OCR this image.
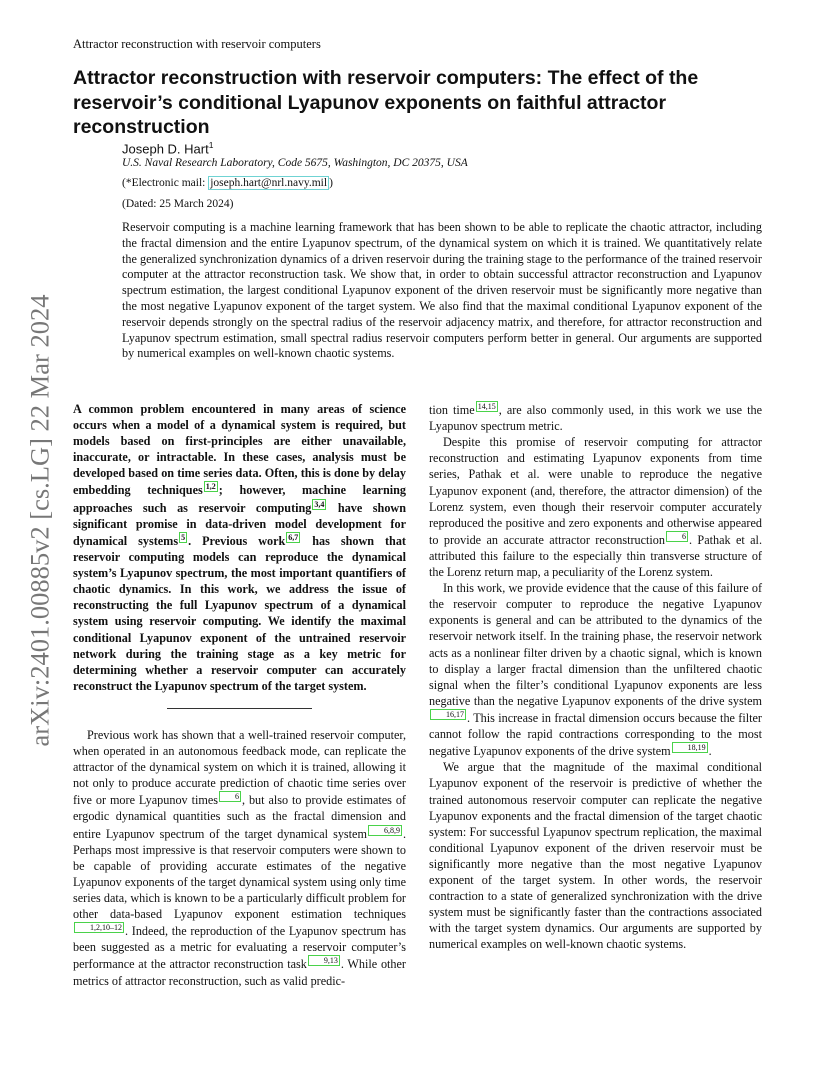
Attractor reconstruction with reservoir computers
Attractor reconstruction with reservoir computers: The effect of the reservoir’s conditional Lyapunov exponents on faithful attractor reconstruction
Joseph D. Hart$^1$
U.S. Naval Research Laboratory, Code 5675, Washington, DC 20375, USA
(*Electronic mail: joseph.hart@nrl.navy.mil )
(Dated: 25 March 2024)

Reservoir computing is a machine learning framework that has been shown to be able to replicate the chaotic attractor, including the fractal dimension and the entire Lyapunov spectrum, of the dynamical system on which it is trained. We quantitatively relate the generalized synchronization dynamics of a driven reservoir during the training stage to the performance of the trained reservoir computer at the attractor reconstruction task. We show that, in order to obtain successful attractor reconstruction and Lyapunov spectrum estimation, the largest conditional Lyapunov exponent of the driven reservoir must be significantly more negative than the most negative Lyapunov exponent of the target system. We also find that the maximal conditional Lyapunov exponent of the reservoir depends strongly on the spectral radius of the reservoir adjacency matrix, and therefore, for attractor reconstruction and Lyapunov spectrum estimation, small spectral radius reservoir computers perform better in general. Our arguments are supported by numerical examples on well-known chaotic systems.

arXiv:2401.00885v2 [cs.LG] 22 Mar 2024 A common problem encountered in many areas of science occurs when a model of a dynamical system is required, but models based on first-principles are either unavailable, inaccurate, or intractable. In these cases, analysis must be developed based on time series data. Often, this is done by delay embedding techniques 1,2 ; however, machine learning approaches such as reservoir computing 3,4 have shown significant promise in data-driven model development for dynamical systems 5 . Previous work 6,7 has shown that reservoir computing models can reproduce the dynamical system’s Lyapunov spectrum, the most important quantifiers of chaotic dynamics. In this work, we address the issue of reconstructing the full Lyapunov spectrum of a dynamical system using reservoir computing. We identify the maximal conditional Lyapunov exponent of the untrained reservoir network during the training stage as a key metric for determining whether a reservoir computer can accurately reconstruct the Lyapunov spectrum of the target system.

Previous work has shown that a well-trained reservoir computer, when operated in an autonomous feedback mode, can replicate the attractor of the dynamical system on which it is trained, allowing it not only to produce accurate prediction of chaotic time series over five or more Lyapunov times 6 , but also to provide estimates of ergodic dynamical quantities such as the fractal dimension and entire Lyapunov spectrum of the target dynamical system 6,8,9 . Perhaps most impressive is that reservoir computers were shown to be capable of providing accurate estimates of the negative Lyapunov exponents of the target dynamical system using only time series data, which is known to be a particularly difficult problem for other data-based Lyapunov exponent estimation techniques1,2,10–12 . Indeed, the reproduction of the Lyapunov spectrum has been suggested as a metric for evaluating a reservoir computer’s performance at the attractor reconstruction task 9,13 . While other metrics of attractor reconstruction, such as valid predic-

tion time 14,15 , are also commonly used, in this work we use the Lyapunov spectrum metric.

Despite this promise of reservoir computing for attractor reconstruction and estimating Lyapunov exponents from time series, Pathak et al. were unable to reproduce the negative Lyapunov exponent (and, therefore, the attractor dimension) of the Lorenz system, even though their reservoir computer accurately reproduced the positive and zero exponents and otherwise appeared to provide an accurate attractor reconstruction 6 . Pathak et al. attributed this failure to the especially thin transverse structure of the Lorenz return map, a peculiarity of the Lorenz system.

In this work, we provide evidence that the cause of this failure of the reservoir computer to reproduce the negative Lyapunov exponents is general and can be attributed to the dynamics of the reservoir network itself. In the training phase, the reservoir network acts as a nonlinear filter driven by a chaotic signal, which is known to display a larger fractal dimension than the unfiltered chaotic signal when the filter’s conditional Lyapunov exponents are less negative than the negative Lyapunov exponents of the drive system16,17 . This increase in fractal dimension occurs because the filter cannot follow the rapid contractions corresponding to the most negative Lyapunov exponents of the drive system 18,19 .

We argue that the magnitude of the maximal conditional Lyapunov exponent of the reservoir is predictive of whether the trained autonomous reservoir computer can replicate the negative Lyapunov exponents and the fractal dimension of the target chaotic system: For successful Lyapunov spectrum replication, the maximal conditional Lyapunov exponent of the driven reservoir must be significantly more negative than the most negative Lyapunov exponent of the target system. In other words, the reservoir contraction to a state of generalized synchronization with the drive system must be significantly faster than the contractions associated with the target system dynamics. Our arguments are supported by numerical examples on well-known chaotic systems.
